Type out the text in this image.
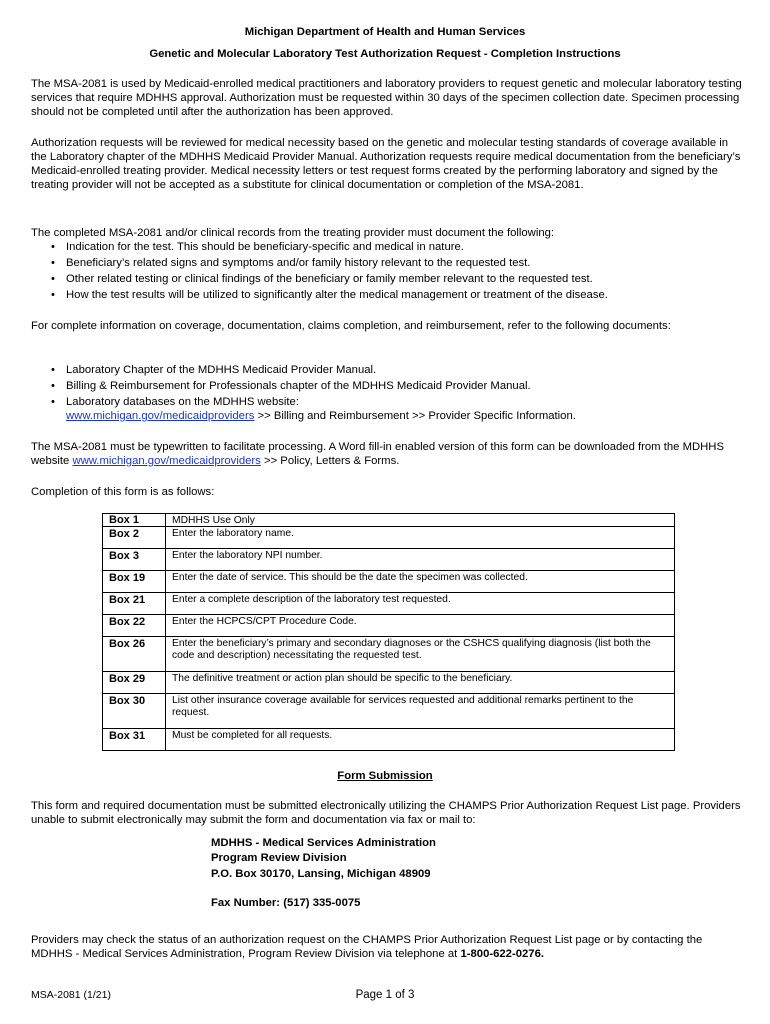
Michigan Department of Health and Human Services
Genetic and Molecular Laboratory Test Authorization Request - Completion Instructions

The MSA-2081 is used by Medicaid-enrolled medical practitioners and laboratory providers to request genetic and molecular laboratory testing services that require MDHHS approval. Authorization must be requested within 30 days of the specimen collection date. Specimen processing should not be completed until after the authorization has been approved.

Authorization requests will be reviewed for medical necessity based on the genetic and molecular testing standards of coverage available in the Laboratory chapter of the MDHHS Medicaid Provider Manual. Authorization requests require medical documentation from the beneficiary’s Medicaid-enrolled treating provider. Medical necessity letters or test request forms created by the performing laboratory and signed by the treating provider will not be accepted as a substitute for clinical documentation or completion of the MSA-2081.

The completed MSA-2081 and/or clinical records from the treating provider must document the following:

• Indication for the test. This should be beneficiary-specific and medical in nature.
• Beneficiary’s related signs and symptoms and/or family history relevant to the requested test.
• Other related testing or clinical findings of the beneficiary or family member relevant to the requested test.
• How the test results will be utilized to significantly alter the medical management or treatment of the disease.

For complete information on coverage, documentation, claims completion, and reimbursement, refer to the following documents:

• Laboratory Chapter of the MDHHS Medicaid Provider Manual.
• Billing & Reimbursement for Professionals chapter of the MDHHS Medicaid Provider Manual.
• Laboratory databases on the MDHHS website:
www.michigan.gov/medicaidproviders >> Billing and Reimbursement >> Provider Specific Information.

The MSA-2081 must be typewritten to facilitate processing. A Word fill-in enabled version of this form can be downloaded from the MDHHS website www.michigan.gov/medicaidproviders >> Policy, Letters & Forms.

Completion of this form is as follows:

Box 1	MDHHS Use Only
Box 2	Enter the laboratory name.
Box 3	Enter the laboratory NPI number.
Box 19	Enter the date of service. This should be the date the specimen was collected.
Box 21	Enter a complete description of the laboratory test requested.
Box 22	Enter the HCPCS/CPT Procedure Code.
Box 26	Enter the beneficiary’s primary and secondary diagnoses or the CSHCS qualifying diagnosis (list both the code and description) necessitating the requested test.
Box 29	The definitive treatment or action plan should be specific to the beneficiary.
Box 30	List other insurance coverage available for services requested and additional remarks pertinent to the request.
Box 31	Must be completed for all requests.
Form Submission

This form and required documentation must be submitted electronically utilizing the CHAMPS Prior Authorization Request List page. Providers unable to submit electronically may submit the form and documentation via fax or mail to:

MDHHS - Medical Services Administration
Program Review Division
P.O. Box 30170, Lansing, Michigan 48909
Fax Number: (517) 335-0075

Providers may check the status of an authorization request on the CHAMPS Prior Authorization Request List page or by contacting the MDHHS - Medical Services Administration, Program Review Division via telephone at 1-800-622-0276.

MSA-2081 (1/21)	Page 1 of 3
